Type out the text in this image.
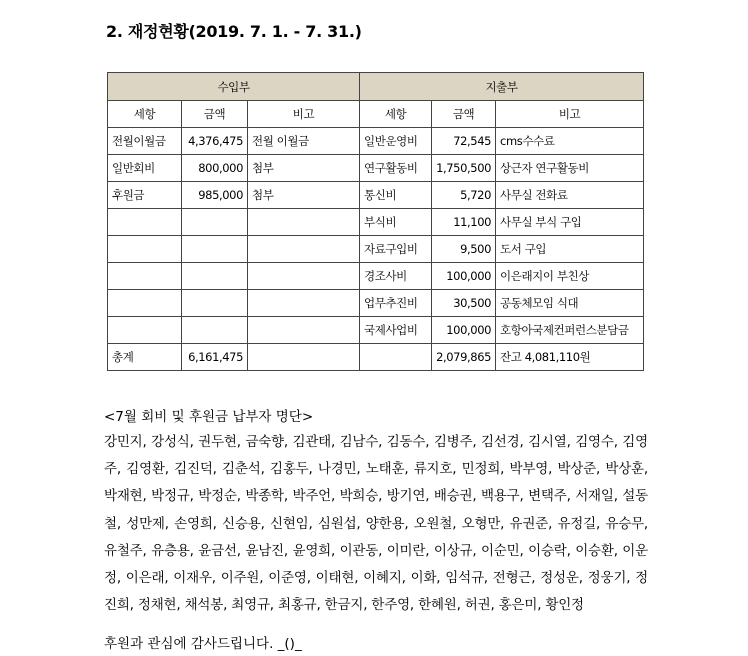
2. 재정현황(2019. 7. 1. - 7. 31.)
수입부			지출부		
세항	금액	비고	세항	금액	비고
전월이월금	4,376,475	전월 이월금	일반운영비	72,545	cms수수료
일반회비	800,000	첨부	연구활동비	1,750,500	상근자 연구활동비
후원금	985,000	첨부	통신비	5,720	사무실 전화료
			부식비	11,100	사무실 부식 구입
			자료구입비	9,500	도서 구입
			경조사비	100,000	이은래지이 부친상
			업무추진비	30,500	공동체모임 식대
			국제사업비	100,000	호항아국제컨퍼런스분담금
총계	6,161,475			2,079,865	잔고 4,081,110원
<7월 회비 및 후원금 납부자 명단>
강민지, 강성식, 권두현, 금숙향, 김관태, 김남수, 김동수, 김병주, 김선경, 김시열, 김영수, 김영주, 김영환, 김진덕, 김춘석, 김홍두, 나경민, 노태훈, 류지호, 민정희, 박부영, 박상준, 박상훈, 박재현, 박정규, 박정순, 박종학, 박주언, 박희승, 방기연, 배승권, 백용구, 변택주, 서재일, 설동철, 성만제, 손영희, 신승용, 신현임, 심원섭, 양한용, 오원철, 오형만, 유권준, 유정길, 유승무, 유철주, 유층용, 윤금선, 윤남진, 윤영희, 이관동, 이미란, 이상규, 이순민, 이승락, 이승환, 이운정, 이은래, 이재우, 이주원, 이준영, 이태현, 이혜지, 이화, 임석규, 전형근, 정성운, 정웅기, 정진희, 정채현, 채석봉, 최영규, 최홍규, 한금지, 한주영, 한혜원, 허권, 홍은미, 황인정
후원과 관심에 감사드립니다. _()_
